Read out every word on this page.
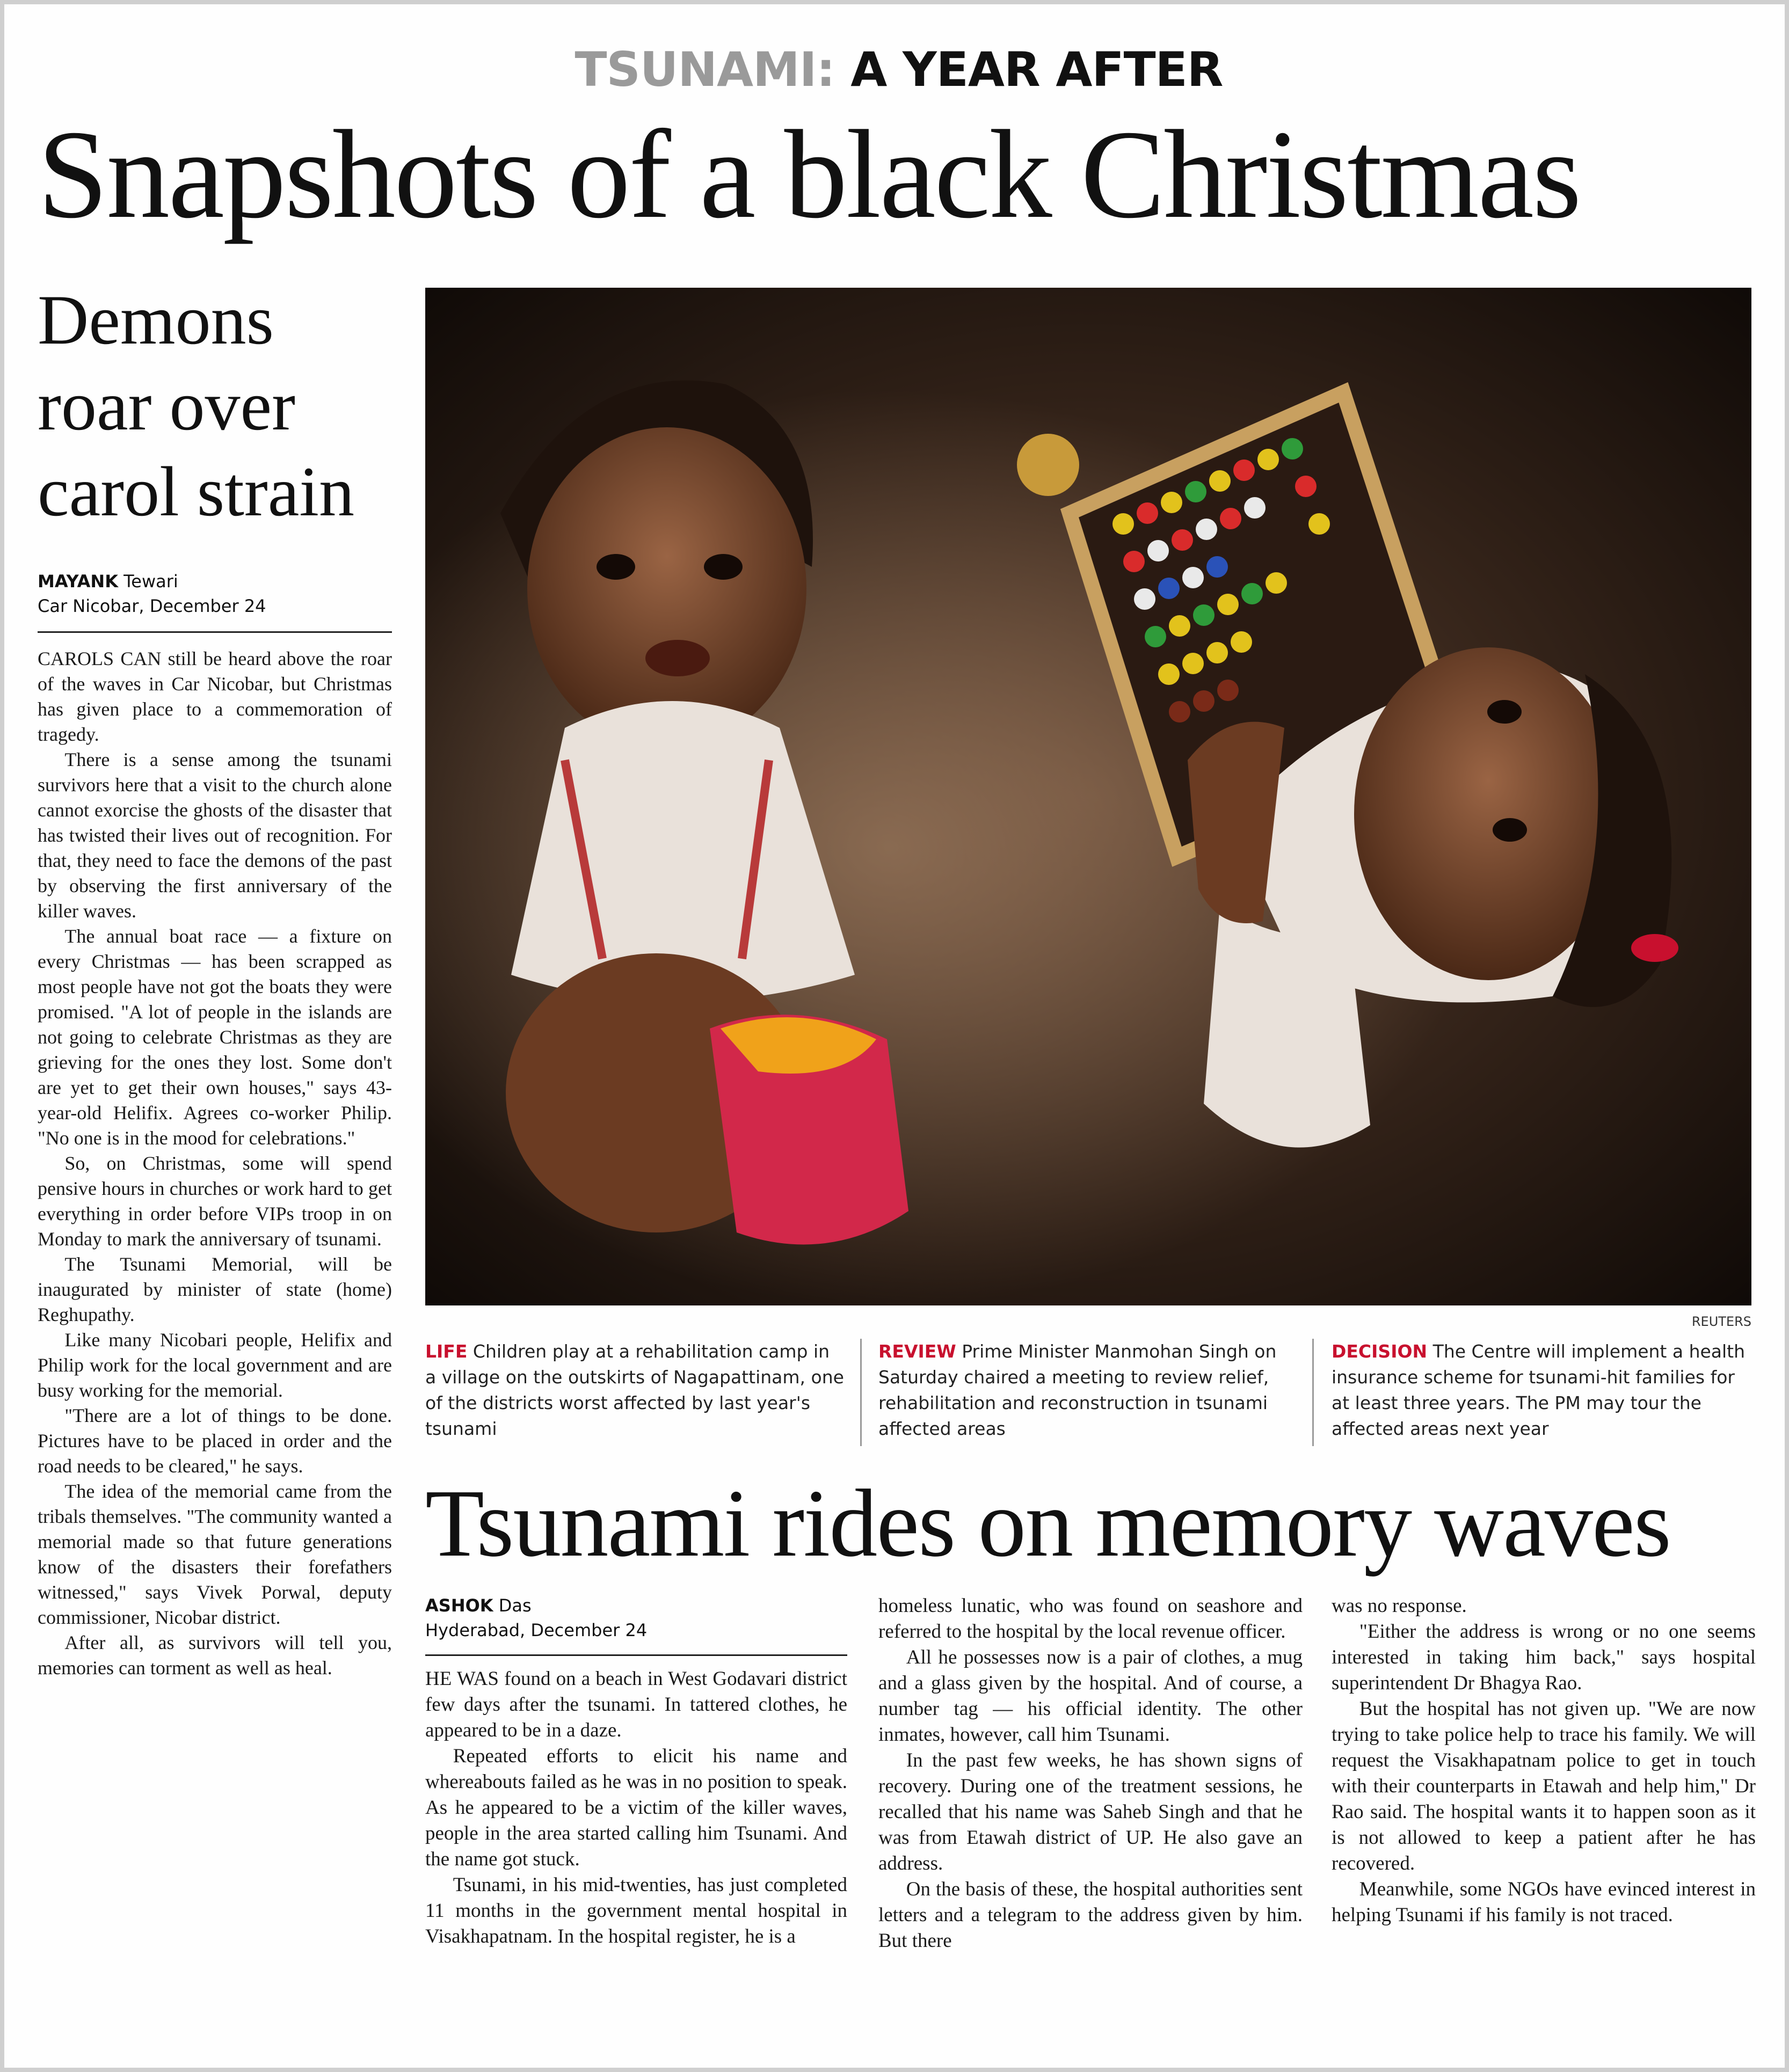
TSUNAMI: A YEAR AFTER
Snapshots of a black Christmas
Demons
roar over
carol strain
MAYANK Tewari
Car Nicobar, December 24

CAROLS CAN still be heard above the roar of the waves in Car Nicobar, but Christmas has given place to a commemoration of tragedy.

There is a sense among the tsunami survivors here that a visit to the church alone cannot exorcise the ghosts of the disaster that has twisted their lives out of recognition. For that, they need to face the demons of the past by observing the first anniversary of the killer waves.

The annual boat race — a fixture on every Christmas — has been scrapped as most people have not got the boats they were promised. "A lot of people in the islands are not going to celebrate Christmas as they are grieving for the ones they lost. Some don't are yet to get their own houses," says 43-year-old Helifix. Agrees co-worker Philip. "No one is in the mood for celebrations."

So, on Christmas, some will spend pensive hours in churches or work hard to get everything in order before VIPs troop in on Monday to mark the anniversary of tsunami.

The Tsunami Memorial, will be inaugurated by minister of state (home) Reghupathy.

Like many Nicobari people, Helifix and Philip work for the local government and are busy working for the memorial.

"There are a lot of things to be done. Pictures have to be placed in order and the road needs to be cleared," he says.

The idea of the memorial came from the tribals themselves. "The community wanted a memorial made so that future generations know of the disasters their forefathers witnessed," says Vivek Porwal, deputy commissioner, Nicobar district.

After all, as survivors will tell you, memories can torment as well as heal.

REUTERS
LIFE Children play at a rehabilitation camp in a village on the outskirts of Nagapattinam, one of the districts worst affected by last year's tsunami
REVIEW Prime Minister Manmohan Singh on Saturday chaired a meeting to review relief, rehabilitation and reconstruction in tsunami affected areas
DECISION The Centre will implement a health insurance scheme for tsunami-hit families for at least three years. The PM may tour the affected areas next year
Tsunami rides on memory waves
ASHOK Das
Hyderabad, December 24

HE WAS found on a beach in West Godavari district few days after the tsunami. In tattered clothes, he appeared to be in a daze.

Repeated efforts to elicit his name and whereabouts failed as he was in no position to speak. As he appeared to be a victim of the killer waves, people in the area started calling him Tsunami. And the name got stuck.

Tsunami, in his mid-twenties, has just completed 11 months in the government mental hospital in Visakhapatnam. In the hospital register, he is a

homeless lunatic, who was found on seashore and referred to the hospital by the local revenue officer.

All he possesses now is a pair of clothes, a mug and a glass given by the hospital. And of course, a number tag — his official identity. The other inmates, however, call him Tsunami.

In the past few weeks, he has shown signs of recovery. During one of the treatment sessions, he recalled that his name was Saheb Singh and that he was from Etawah district of UP. He also gave an address.

On the basis of these, the hospital authorities sent letters and a telegram to the address given by him. But there

was no response.

"Either the address is wrong or no one seems interested in taking him back," says hospital superintendent Dr Bhagya Rao.

But the hospital has not given up. "We are now trying to take police help to trace his family. We will request the Visakhapatnam police to get in touch with their counterparts in Etawah and help him," Dr Rao said. The hospital wants it to happen soon as it is not allowed to keep a patient after he has recovered.

Meanwhile, some NGOs have evinced interest in helping Tsunami if his family is not traced.
